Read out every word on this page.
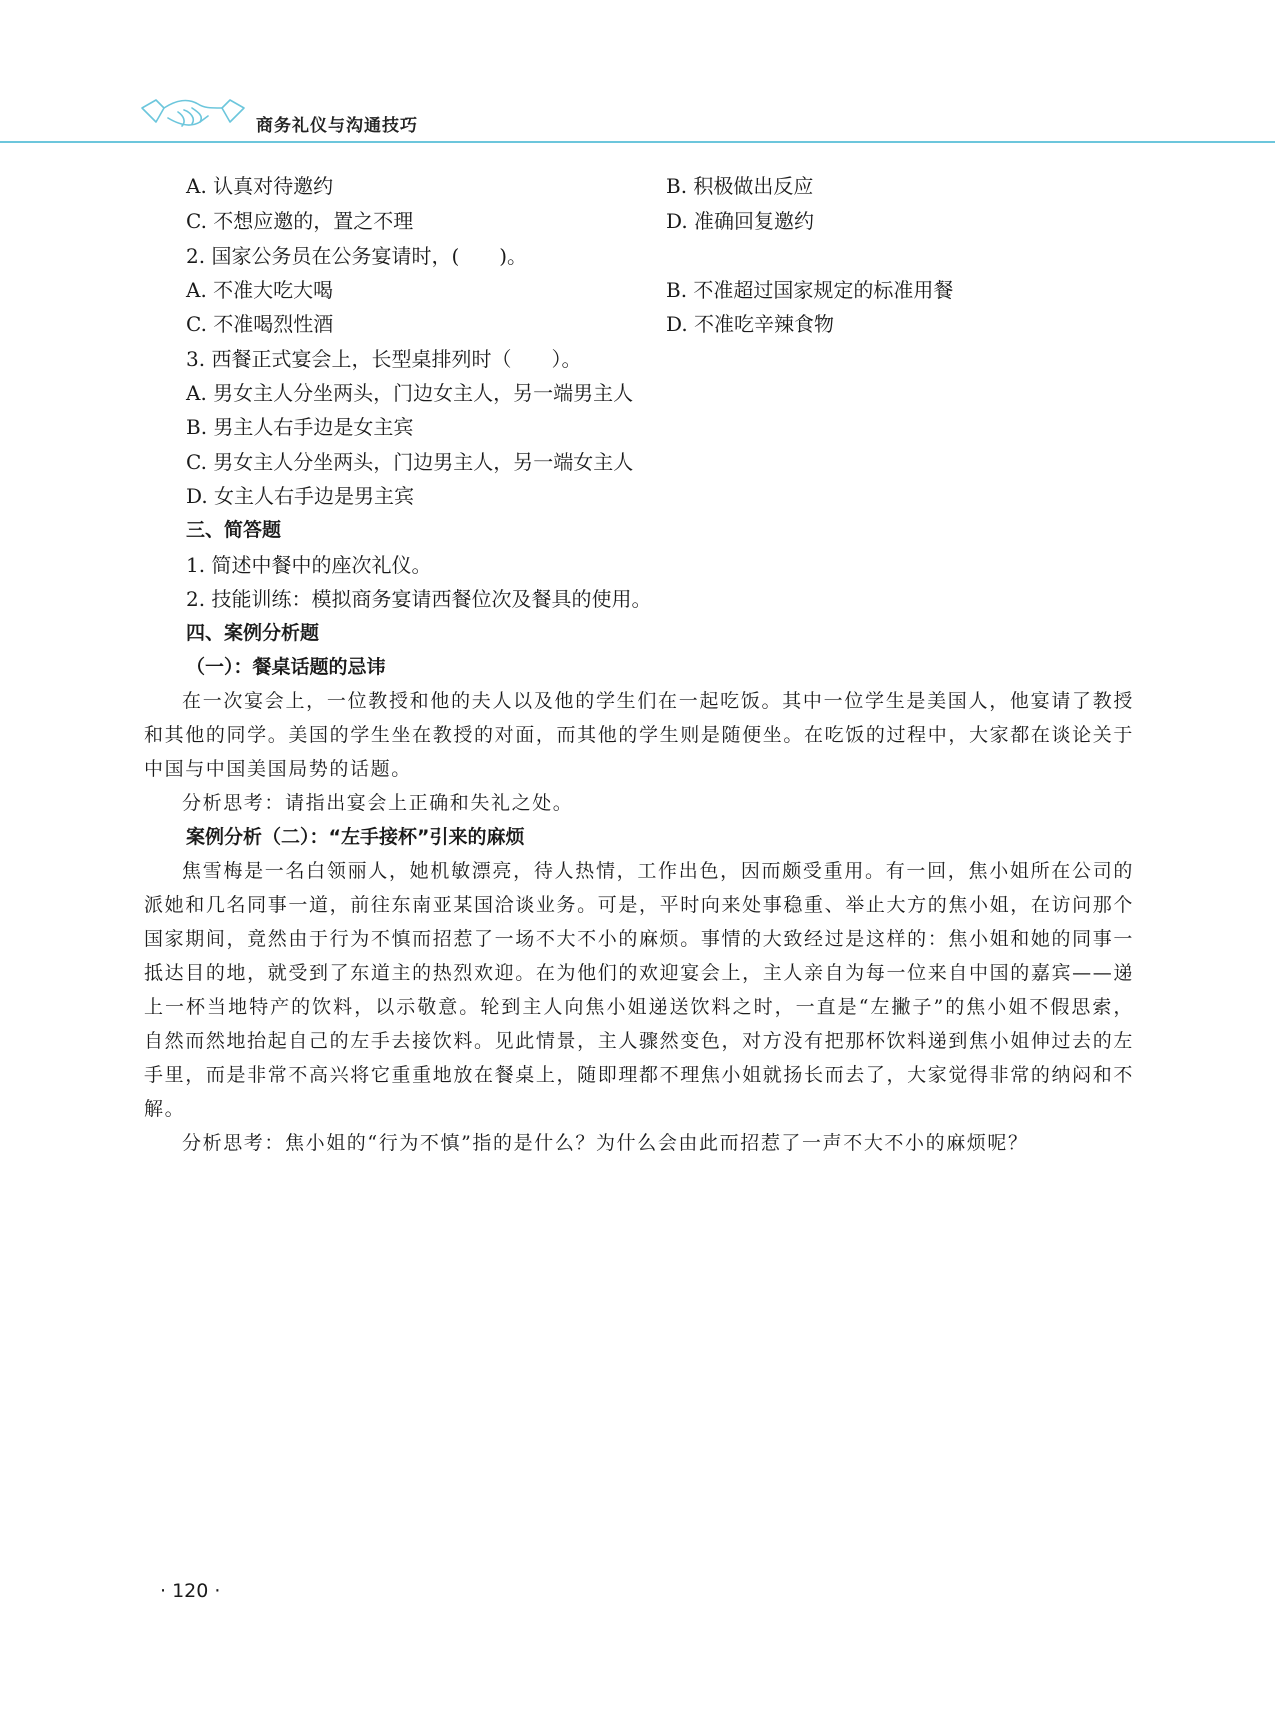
商务礼仪与沟通技巧
A. 认真对待邀约	B. 积极做出反应
C. 不想应邀的，置之不理	D. 准确回复邀约
2. 国家公务员在公务宴请时，(　　)。
A. 不准大吃大喝	B. 不准超过国家规定的标准用餐
C. 不准喝烈性酒	D. 不准吃辛辣食物
3. 西餐正式宴会上，长型桌排列时（　　）。
A. 男女主人分坐两头，门边女主人，另一端男主人
B. 男主人右手边是女主宾
C. 男女主人分坐两头，门边男主人，另一端女主人
D. 女主人右手边是男主宾
三、简答题
1. 简述中餐中的座次礼仪。
2. 技能训练：模拟商务宴请西餐位次及餐具的使用。
四、案例分析题
（一）：餐桌话题的忌讳
在一次宴会上，一位教授和他的夫人以及他的学生们在一起吃饭。其中一位学生是美国人，他宴请了教授和其他的同学。美国的学生坐在教授的对面，而其他的学生则是随便坐。在吃饭的过程中，大家都在谈论关于中国与中国美国局势的话题。
分析思考：请指出宴会上正确和失礼之处。
案例分析（二）：“左手接杯”引来的麻烦
焦雪梅是一名白领丽人，她机敏漂亮，待人热情，工作出色，因而颇受重用。有一回，焦小姐所在公司的派她和几名同事一道，前往东南亚某国洽谈业务。可是，平时向来处事稳重、举止大方的焦小姐，在访问那个国家期间，竟然由于行为不慎而招惹了一场不大不小的麻烦。事情的大致经过是这样的：焦小姐和她的同事一抵达目的地，就受到了东道主的热烈欢迎。在为他们的欢迎宴会上，主人亲自为每一位来自中国的嘉宾——递上一杯当地特产的饮料，以示敬意。轮到主人向焦小姐递送饮料之时，一直是“左撇子”的焦小姐不假思索，自然而然地抬起自己的左手去接饮料。见此情景，主人骤然变色，对方没有把那杯饮料递到焦小姐伸过去的左手里，而是非常不高兴将它重重地放在餐桌上，随即理都不理焦小姐就扬长而去了，大家觉得非常的纳闷和不解。
分析思考：焦小姐的“行为不慎”指的是什么？为什么会由此而招惹了一声不大不小的麻烦呢？
· 120 ·
